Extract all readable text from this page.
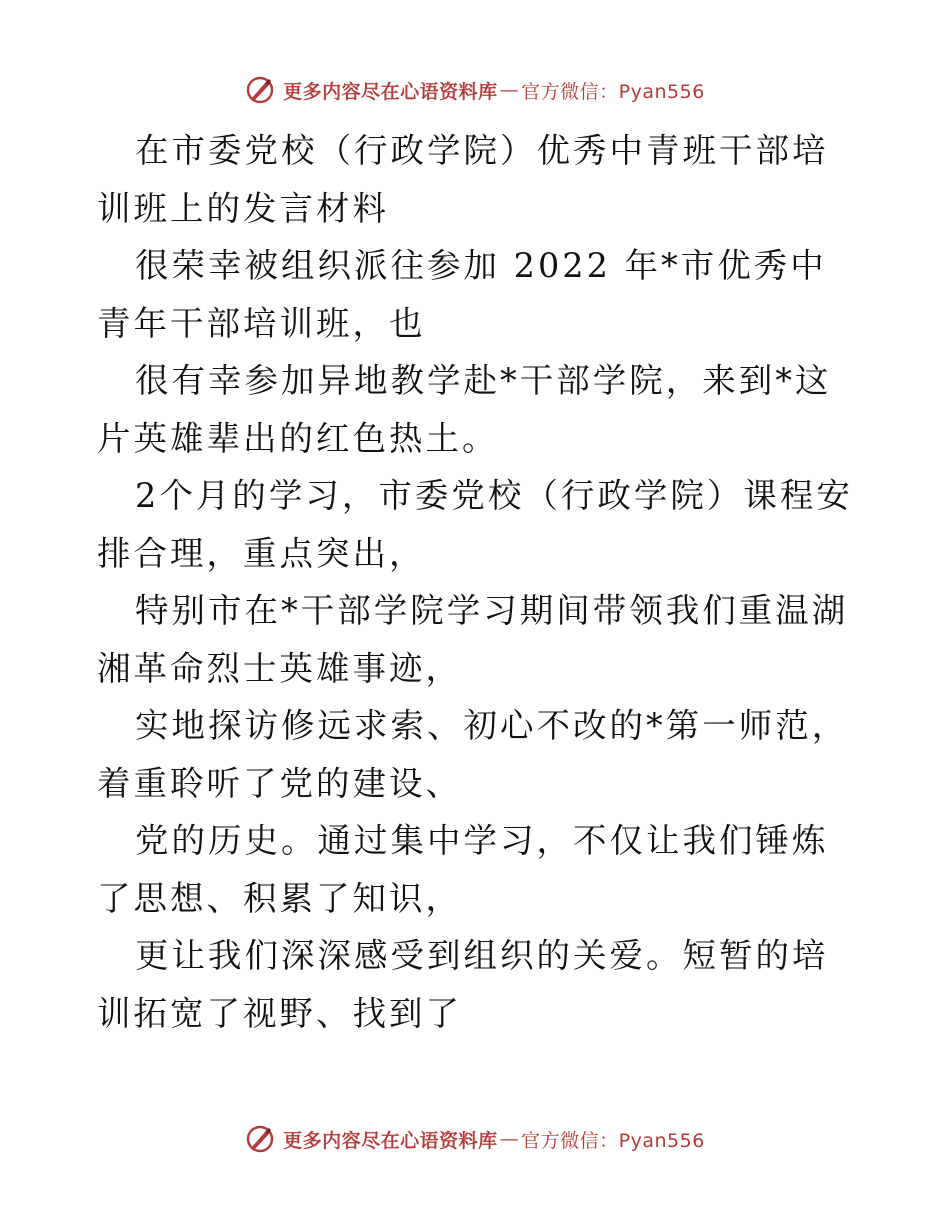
更多内容尽在心语资料库 — 官方微信：Pyan556

在市委党校（行政学院）优秀中青班干部培训班上的发言材料

很荣幸被组织派往参加 2022 年*市优秀中青年干部培训班，也

很有幸参加异地教学赴*干部学院，来到*这片英雄辈出的红色热土。

2个月的学习，市委党校（行政学院）课程安排合理，重点突出，

特别市在*干部学院学习期间带领我们重温湖湘革命烈士英雄事迹，

实地探访修远求索、初心不改的*第一师范，着重聆听了党的建设、

党的历史。通过集中学习，不仅让我们锤炼了思想、积累了知识，

更让我们深深感受到组织的关爱。短暂的培训拓宽了视野、找到了

更多内容尽在心语资料库 — 官方微信：Pyan556
